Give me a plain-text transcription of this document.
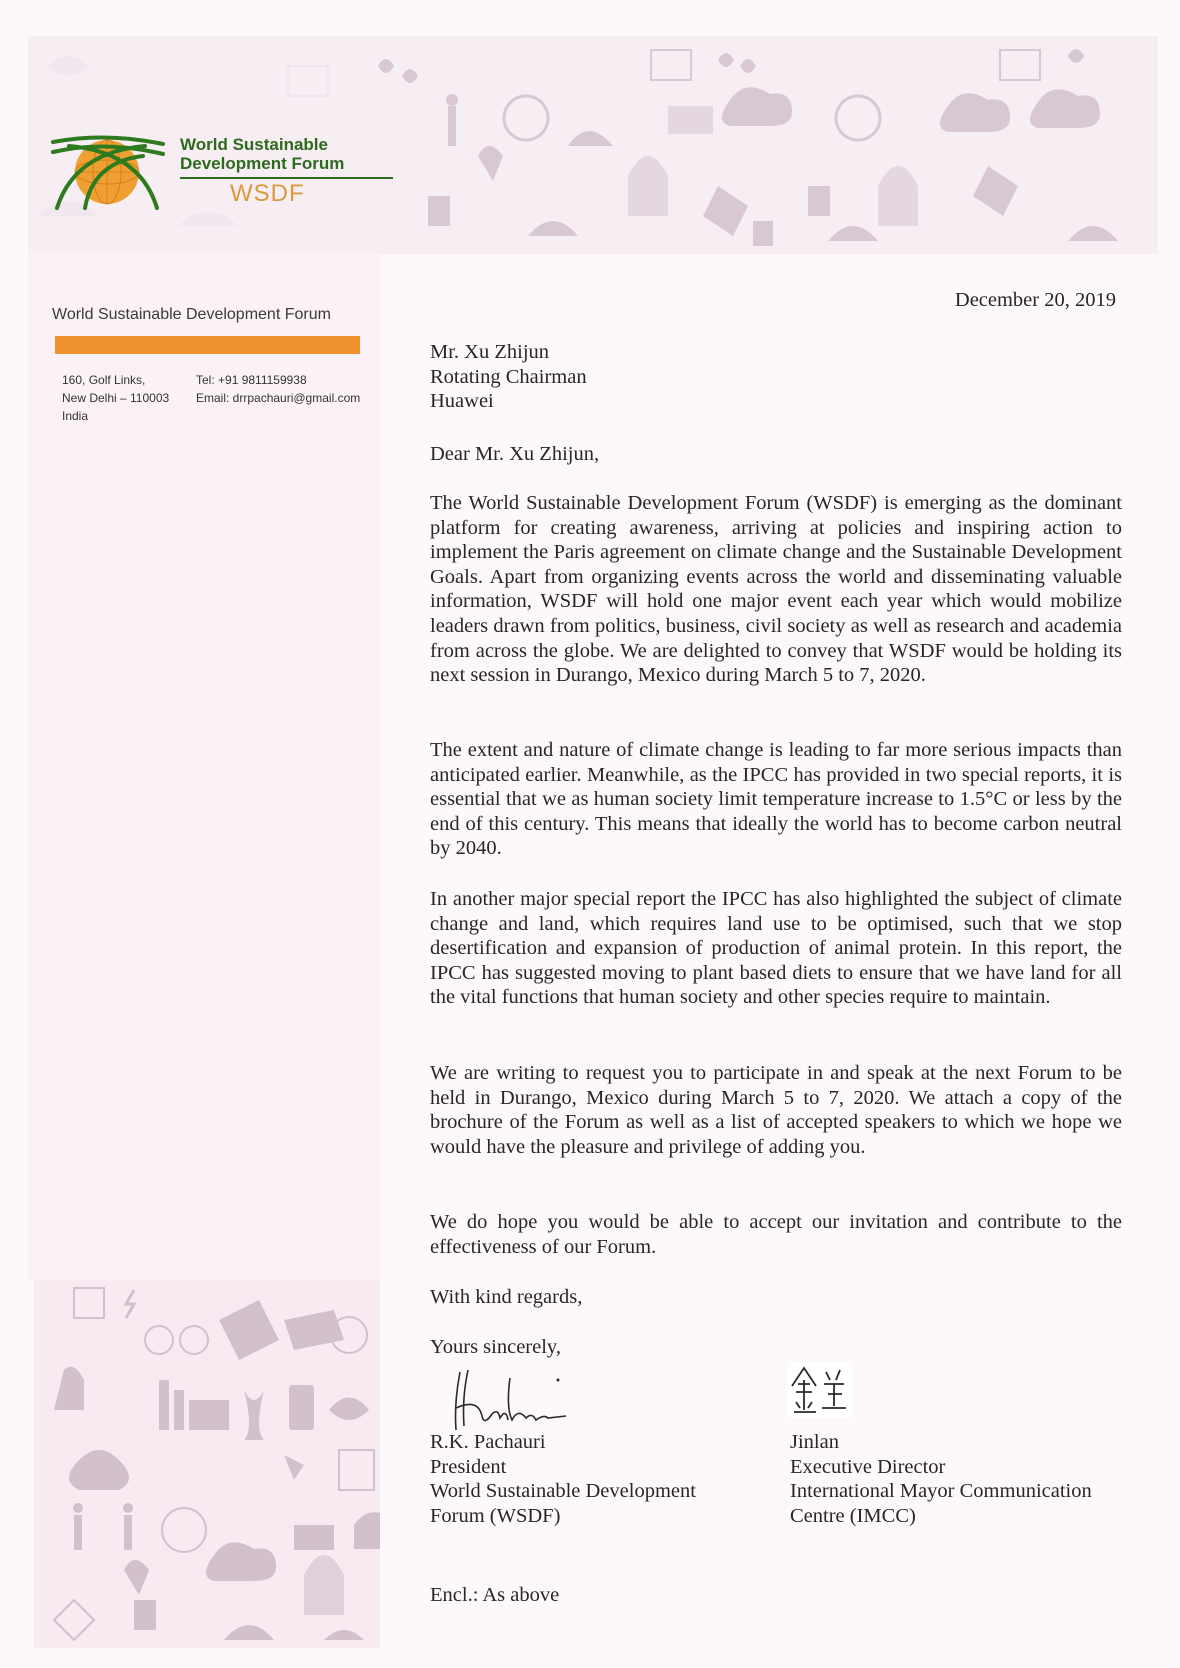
World Sustainable
Development Forum
WSDF
World Sustainable Development Forum
160, Golf Links,
New Delhi – 110003
India
Tel: +91 9811159938
Email: drrpachauri@gmail.com
December 20, 2019
Mr. Xu Zhijun
Rotating Chairman
Huawei
Dear Mr. Xu Zhijun,
The World Sustainable Development Forum (WSDF) is emerging as the dominant platform for creating awareness, arriving at policies and inspiring action to implement the Paris agreement on climate change and the Sustainable Development Goals. Apart from organizing events across the world and disseminating valuable information, WSDF will hold one major event each year which would mobilize leaders drawn from politics, business, civil society as well as research and academia from across the globe. We are delighted to convey that WSDF would be holding its next session in Durango, Mexico during March 5 to 7, 2020.
The extent and nature of climate change is leading to far more serious impacts than anticipated earlier. Meanwhile, as the IPCC has provided in two special reports, it is essential that we as human society limit temperature increase to 1.5°C or less by the end of this century. This means that ideally the world has to become carbon neutral by 2040.
In another major special report the IPCC has also highlighted the subject of climate change and land, which requires land use to be optimised, such that we stop desertification and expansion of production of animal protein. In this report, the IPCC has suggested moving to plant based diets to ensure that we have land for all the vital functions that human society and other species require to maintain.
We are writing to request you to participate in and speak at the next Forum to be held in Durango, Mexico during March 5 to 7, 2020. We attach a copy of the brochure of the Forum as well as a list of accepted speakers to which we hope we would have the pleasure and privilege of adding you.
We do hope you would be able to accept our invitation and contribute to the effectiveness of our Forum.
With kind regards,
Yours sincerely,
R.K. Pachauri
President
World Sustainable Development
Forum (WSDF)
Jinlan
Executive Director
International Mayor Communication
Centre (IMCC)
Encl.: As above
